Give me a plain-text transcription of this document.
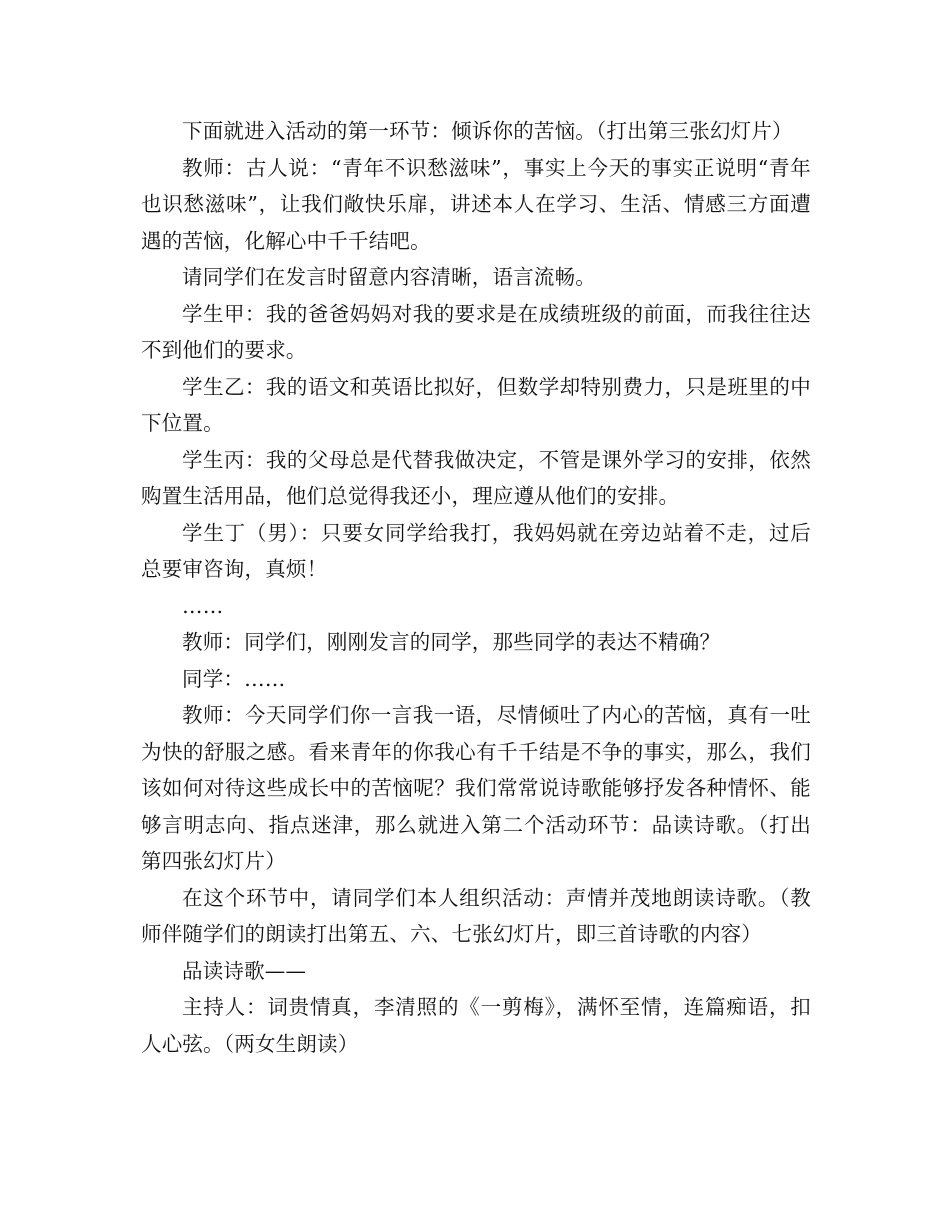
下面就进入活动的第一环节：倾诉你的苦恼。（打出第三张幻灯片）

教师：古人说：“青年不识愁滋味”，事实上今天的事实正说明“青年也识愁滋味”，让我们敞快乐扉，讲述本人在学习、生活、情感三方面遭遇的苦恼，化解心中千千结吧。

请同学们在发言时留意内容清晰，语言流畅。

学生甲：我的爸爸妈妈对我的要求是在成绩班级的前面，而我往往达不到他们的要求。

学生乙：我的语文和英语比拟好，但数学却特别费力，只是班里的中下位置。

学生丙：我的父母总是代替我做决定，不管是课外学习的安排，依然购置生活用品，他们总觉得我还小，理应遵从他们的安排。

学生丁（男）：只要女同学给我打，我妈妈就在旁边站着不走，过后总要审咨询，真烦！

……

教师：同学们，刚刚发言的同学，那些同学的表达不精确？

同学：……

教师：今天同学们你一言我一语，尽情倾吐了内心的苦恼，真有一吐为快的舒服之感。看来青年的你我心有千千结是不争的事实，那么，我们该如何对待这些成长中的苦恼呢？我们常常说诗歌能够抒发各种情怀、能够言明志向、指点迷津，那么就进入第二个活动环节：品读诗歌。（打出第四张幻灯片）

在这个环节中，请同学们本人组织活动：声情并茂地朗读诗歌。（教师伴随学们的朗读打出第五、六、七张幻灯片，即三首诗歌的内容）

品读诗歌——

主持人：词贵情真，李清照的《一剪梅》，满怀至情，连篇痴语，扣人心弦。（两女生朗读）
